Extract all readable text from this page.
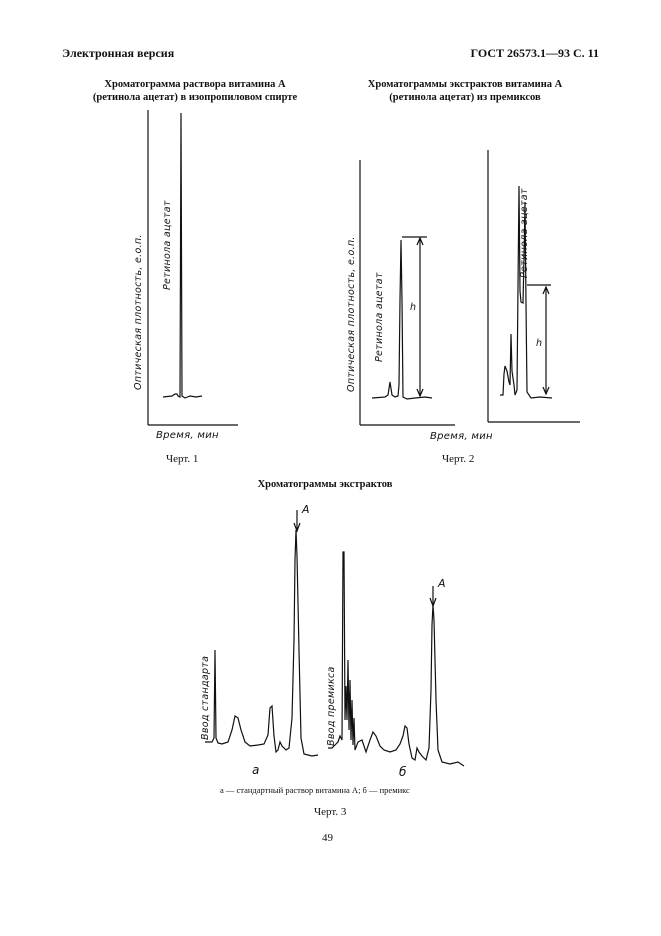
Электронная версия	ГОСТ 26573.1—93 С. 11
Хроматограмма раствора витамина А
(ретинола ацетат) в изопропиловом спирте
Хроматограммы экстрактов витамина А
(ретинола ацетат) из премиксов
Оптическая плотность, е.о.п. Ретинола ацетат
Время, мин
Черт. 1
Оптическая плотность, е.о.п. Ретинола ацетат
Ретинола ацетат
h
h
Время, мин
Черт. 2
Хроматограммы экстрактов
Ввод стандарта	Ввод премикса
А
А
а	б
а — стандартный раствор витамина А; б — премикс
Черт. 3
49
